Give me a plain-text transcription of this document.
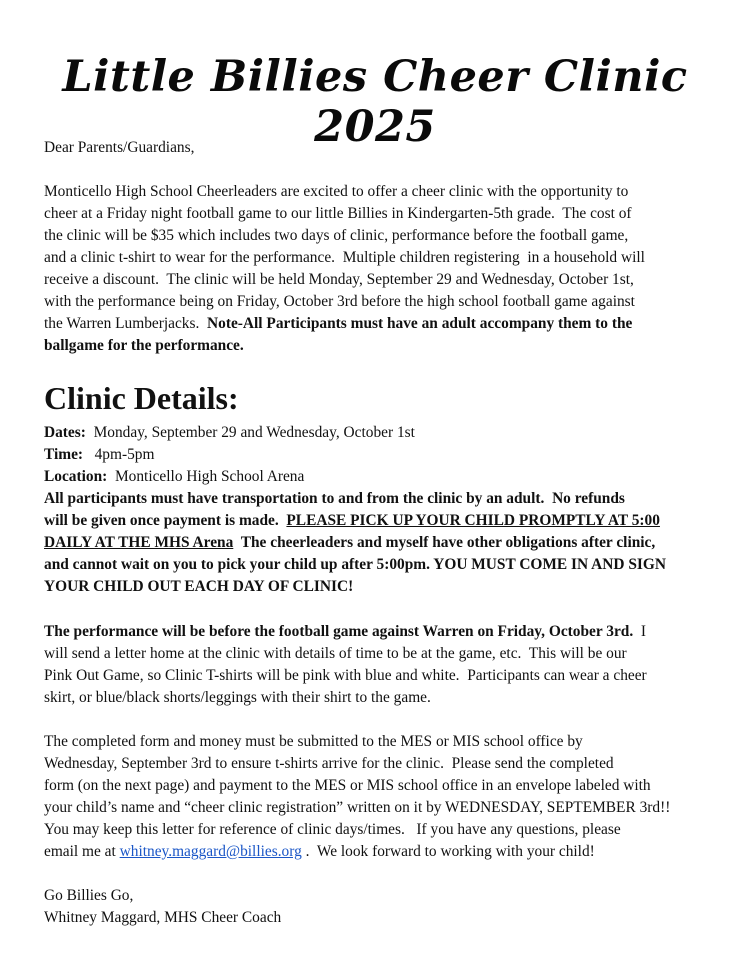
Little Billies Cheer Clinic 2025
Dear Parents/Guardians,
Monticello High School Cheerleaders are excited to offer a cheer clinic with the opportunity to
cheer at a Friday night football game to our little Billies in Kindergarten-5th grade.  The cost of
the clinic will be $35 which includes two days of clinic, performance before the football game,
and a clinic t-shirt to wear for the performance.  Multiple children registering  in a household will
receive a discount.  The clinic will be held Monday, September 29 and Wednesday, October 1st,
with the performance being on Friday, October 3rd before the high school football game against
the Warren Lumberjacks.  Note-All Participants must have an adult accompany them to the
ballgame for the performance.
Clinic Details:
Dates:  Monday, September 29 and Wednesday, October 1st
Time:   4pm-5pm
Location:  Monticello High School Arena
All participants must have transportation to and from the clinic by an adult.  No refunds
will be given once payment is made.  PLEASE PICK UP YOUR CHILD PROMPTLY AT 5:00
DAILY AT THE MHS Arena  The cheerleaders and myself have other obligations after clinic,
and cannot wait on you to pick your child up after 5:00pm. YOU MUST COME IN AND SIGN
YOUR CHILD OUT EACH DAY OF CLINIC!
The performance will be before the football game against Warren on Friday, October 3rd.  I
will send a letter home at the clinic with details of time to be at the game, etc.  This will be our
Pink Out Game, so Clinic T-shirts will be pink with blue and white.  Participants can wear a cheer
skirt, or blue/black shorts/leggings with their shirt to the game.
The completed form and money must be submitted to the MES or MIS school office by
Wednesday, September 3rd to ensure t-shirts arrive for the clinic.  Please send the completed
form (on the next page) and payment to the MES or MIS school office in an envelope labeled with
your child’s name and “cheer clinic registration” written on it by WEDNESDAY, SEPTEMBER 3rd!!
You may keep this letter for reference of clinic days/times.   If you have any questions, please
email me at whitney.maggard@billies.org .  We look forward to working with your child!
Go Billies Go,
Whitney Maggard, MHS Cheer Coach
